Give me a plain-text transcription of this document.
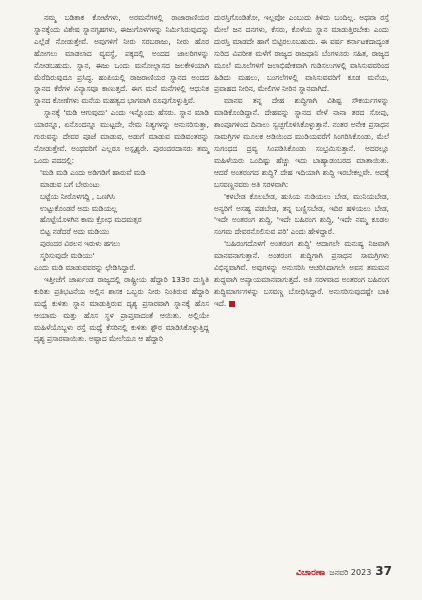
ನಮ್ಮ ಬಡಿತಾಕ ಕೋಟೆಗಳು, ಅರಮನೆಗಳಲ್ಲಿ ರಾಜಾರಾಣಿಯರ ಸ್ನಾನಕ್ಕೆಂದು ವಿಶೇಷ ಸ್ನಾನಗೃಹಗಳು, ಈಜುಗೊಳಗಳನ್ನು ನಿರ್ಮಿಸಿರುವುದನ್ನು ಎಲ್ಲೆಡೆ ನೋಡುತ್ತೇವೆ. ಅವುಗಳಿಗೆ ನೀರು ಸರಬರಾಜು, ನೀರು ಹೊರ ಹೋಗಲು ಮಾಡಲಾದ ವ್ಯವಸ್ಥೆ, ಪಕ್ಕದಲ್ಲಿ ಅಂದದ ಜಾಲರಿಗಳನ್ನು ನೋಡಬಹುದು. ಸ್ನಾನ, ಈಜು ಒಂದು ಮನೋಲ್ಲಾಸದ ಜಲಕೇಳಿಯಾಗಿ ಮೆರೆದಿರುವುದೂ ಪ್ರಸಿದ್ಧ. ಹಂಪಿಯಲ್ಲಿ ರಾಜರಾಣಿಯರ ಸ್ನಾನದ ಅಂದದ ಸ್ನಾನದ ಕೆರೆಗಳ ವಿನ್ಯಾಸವೂ ಕಾಣುತ್ತದೆ. ಈಗ ಮನೆ ಮನೆಗಳಲ್ಲಿ ಆಧುನಿಕ ಸ್ನಾನದ ಕೋಣೆಗಳು ಮನೆಯ ಮಹತ್ವದ ಭಾಗವಾಗಿ ರೂಪುಗೊಳ್ಳುತ್ತಿವೆ.

ಸ್ನಾನಕ್ಕೆ 'ಮಡಿ ಆಗುವುದು' ಎಂದು ಇನ್ನೊಂದು ಹೆಸರು. ಸ್ನಾನ ಮಾಡಿ ಯಾರನ್ನೂ, ಏನೊಂದನ್ನೂ ಮುಟ್ಟದೇ, ನೇಮ ನಿತ್ಯಗಳನ್ನು ಅನುಸರಿಸುತ್ತಾ, ಗುರುವನ್ನು ದೇವರ ಪೂಜೆ ಮಾಡುವ, ಅಡುಗೆ ಮಾಡುವ ಮಡಿವಂತರನ್ನು ನೋಡುತ್ತೇವೆ. ಅಂಥವರಿಗೆ ಎಲ್ಲರೂ ಅಸ್ಪೃಶ್ಯರೇ. ಪುರಂದರದಾಸರು ತಮ್ಮ ಒಂದು ಪದದಲ್ಲಿ:

'ಮಡಿ ಮಡಿ ಎಂದು ಅಡಿಗಡಿಗೆ ಹಾರುವೆ ಮಡಿ
ಮಾಡುವ ಬಗೆ ಬೇರುಂಟು
ಬಟ್ಟೆಯ ನೀರೊಳಗದ್ದಿ , ಒಣಗಿಸಿ
ಉಟ್ಟುಕೊಂಡರೆ ಅದು ಮಡಿಯಲ್ಲ
ಹೊಟ್ಟೆಯೊಳಗಿನ ಕಾಮ ಕ್ರೋಧ ಮದಮತ್ಸರ
ಬಿಟ್ಟ ನಡೆದರೆ ಅದು ಮಡಿಯು
ಪುರಂದರ ವಿಠಲನ ಇರುಳು ಹಗಲು
ಸ್ಮರಿಸುವುದೇ ಮಡಿಯು'

ಎಂದು ಮಡಿ ಮಾಡುವವರನ್ನು ಛೇಡಿಸಿದ್ದಾರೆ.

ಇತ್ತೀಚೆಗೆ ಜಾರ್ಖಂಡ ರಾಜ್ಯದಲ್ಲಿ ರಾಷ್ಟ್ರೀಯ ಹೆದ್ದಾರಿ 133ರ ದುಸ್ಥಿತಿ ಕುರಿತು ಪ್ರತಿಭಟನೆಯ ಅಲ್ಲಿನ ಶಾಸಕ ಒಬ್ಬರು ನೀರು ನಿಂತಿರುವ ಹೆದ್ದಾರಿ ಮಧ್ಯೆ ಕುಳಿತು ಸ್ನಾನ ಮಾಡುತ್ತಿರುವ ದೃಶ್ಯ ಪ್ರಸಾರವಾಗಿ ಸ್ನಾನಕ್ಕೆ ಹೊಸ ಆಯಾಮ ಮತ್ತು ಹೊಸ ಸ್ಥಳ ಪ್ರಾಪ್ತವಾದಂತೆ ಆಯಿತು. ಅಲ್ಲಿಯೇ ಮಹಿಳೆಯೊಬ್ಬಳು ರಸ್ತೆ ಮಧ್ಯೆ ಕೆಸರಿನಲ್ಲಿ ಕುಳಿತು ಶ್ಟೌರ ಮಾಡಿಸಿಕೊಳ್ಳುತ್ತಿದ್ದ ದೃಶ್ಯ ಪ್ರಸಾರವಾಯಿತು. ಅಷ್ಟಾದ ಮೇಲೆಯೂ ಆ ಹೆದ್ದಾರಿ

ದುರಸ್ತಿಗೊಂಡಿತೋ, ಇಲ್ಲವೋ ಎಂಬುದು ತಿಳಿದು ಬಂದಿಲ್ಲ. ಅಥವಾ ರಸ್ತೆ ಮೇಲೆ ಜನ ದನಗಳು, ಕೆಸರು, ಕೊಳೆಯ ಸ್ನಾನ ಮಾಡುತ್ತಿರಬೇಕು ಎಂದು ದುರಸ್ತಿ ಮಾಡದೇ ಹಾಗೆ ಬಿಟ್ಟಿರಲೂಬಹುದು. ಈ ವರ್ಷ ಕರ್ನಾಟಕದಾದ್ಯಂತ ಸುರಿದ ವಿಪರೀತ ಮಳೆಗೆ ರಾಜ್ಯದ ರಾಜಧಾನಿ ಬೆಂಗಳೂರು ಸಹಿತ, ರಾಜ್ಯದ ಮೂಲೆ ಮೂಲೆಗಳಿಗೆ ಜಲಾಭಿಷೇಕವಾಗಿ ಗುಡಿಸಲುಗಳಲ್ಲಿ ವಾಸಿಸುವವರಿಂದ ಹಿಡಿದು ಮಹಲು, ಬಂಗಲೆಗಳಲ್ಲಿ ವಾಸಿಸುವವರಿಗೆ ಕೂಡ ಮನೆಯ, ಪ್ರವಾಹದ ನೀರಿನ, ಮೇಲಿಗಳ ನೀರಿನ ಸ್ನಾನವಾಗಿದೆ.

ಮಾನವ ತನ್ನ ದೇಹ ಶುದ್ಧಿಗಾಗಿ ವಿಶಿಷ್ಟ ಸೌಕರ್ಯಗಳನ್ನು ಮಾಡಿಕೊಂಡಿದ್ದಾನೆ. ದೇಹವನ್ನು ಸ್ನಾನದ ವೇಳೆ ನಾನಾ ತರದ ಸೋಪು, ಶಾಂಪೂಗಳಿಂದ ದಿನಾಲು ಸ್ವಚ್ಛಗೊಳಿಸಿಕೊಳ್ಳುತ್ತಾನೆ. ನಂತರ ಅನೇಕ ಪ್ರಸಾಧನ ಸಾಮಗ್ರಿಗಳ ಮೂಲಕ ಅಡಿಯಿಂದ ಮುಡಿಯವರೆಗೆ ಸಿಂಗರಿಸಿಕೊಂಡು, ಮೆಲೆ ಸುಗಂಧದ ದ್ರವ್ಯ ಸಿಂಪಡಿಸಿಕೊಂಡು ಸಂಭ್ರಮಿಸುತ್ತಾನೆ. ಅದರಲ್ಲೂ ಮಹಿಳೆಯರು ಒಂದಿಷ್ಟು ಹೆಚ್ಚು ಇದು ಬಾಹ್ಯಾಡಂಬರದ ಮಾತಾಯಿತು. ಆದರೆ ಅಂತರಂಗದ ಶುದ್ಧಿ? ದೇಹ ಇದಿಯಾಗಿ ಶುದ್ಧಿ ಇರಬೇಕಲ್ಲವೇ. ಅದಕ್ಕೆ ಬಸವಣ್ಣನವರು ಅತಿ ಸರಳವಾಗಿ:

'ಕಳಬೇಡ ಕೊಲಬೇಡ, ಹುಸಿಯ ನುಡಿಯಲು ಬೇಡ, ಮುನಿಯಬೇಡ, ಅನ್ಯರಿಗೆ ಅಸಹ್ಯ ಪಡಬೇಡ, ತನ್ನ ಬಣ್ಣಿಸಬೇಡ, ಇದಿರ ಹಳಿಯಲು ಬೇಡ, 'ಇದೇ ಅಂತರಂಗ ಶುದ್ಧಿ, 'ಇದೇ ಬಹಿರಂಗ ಶುದ್ಧಿ, 'ಇದೇ ನಮ್ಮ ಕೂಡಲ ಸಂಗಮ ದೇವರನೊಲಿಸುವ ಪರಿ' ಎಂದು ಹೇಳಿದ್ದಾರೆ.

'ಬಹಿರಂಗದೊಳಗೆ ಅಂತರಂಗ ಶುದ್ಧಿ' ಆದಾಗಲೇ ಮನುಷ್ಯ ನಿಜವಾಗಿ ಮಾನವನಾಗುತ್ತಾನೆ. ಅಂತರಂಗ ಶುದ್ಧಿಗಾಗಿ ಪ್ರಸಾಧನ ಸಾಮಗ್ರಿಗಳು ವಿಭಿನ್ನವಾಗಿವೆ. ಅವುಗಳನ್ನು ಅನುಸರಿಸಿ ಆಚರಿಸಿದಾಗಲೇ ಅವನ ತಮಮನ ಶುದ್ಧವಾಗಿ ಅಪ್ಯಾಯಮಾನವಾಗುತ್ತದೆ. ಅತಿ ಸರಳವಾದ ಅಂತರಂಗ ಬಹಿರಂಗ ಶುದ್ಧಿಮಾರ್ಗಗಳನ್ನು ಬಸವಣ್ಣ ಬೋಧಿಸಿದ್ದಾರೆ. ಅನುಸರಿಸುವುದಷ್ಟೇ ಬಾಕಿ ಇದೆ.

ವಿಚಾರಣಾ ಜನವರಿ 2023 37
